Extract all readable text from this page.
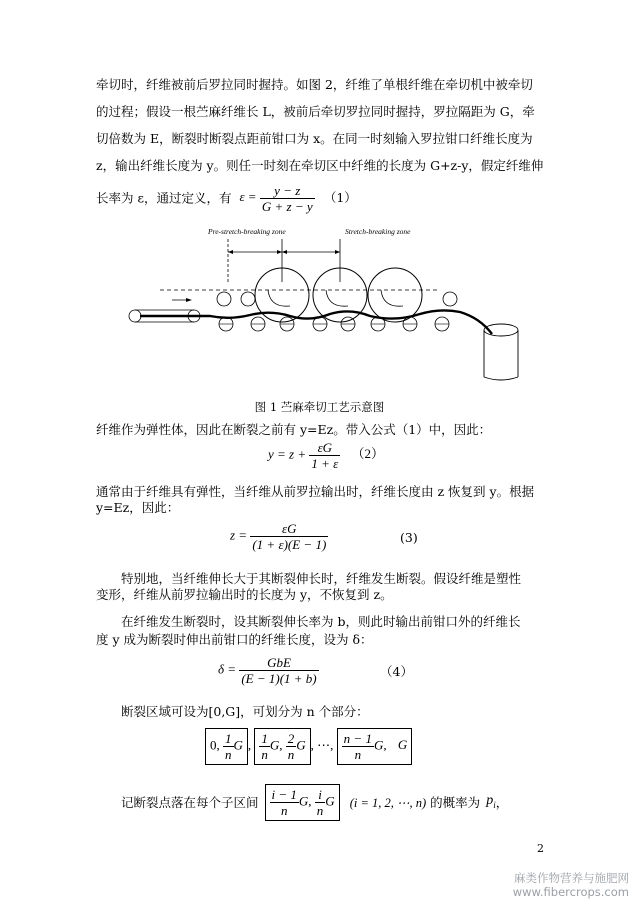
牵切时，纤维被前后罗拉同时握持。如图 2，纤维了单根纤维在牵切机中被牵切
的过程；假设一根苎麻纤维长 L，被前后牵切罗拉同时握持，罗拉隔距为 G，牵
切倍数为 E，断裂时断裂点距前钳口为 x。在同一时刻输入罗拉钳口纤维长度为
z，输出纤维长度为 y。则任一时刻在牵切区中纤维的长度为 G+z-y，假定纤维伸
长率为 ε，通过定义，有 $\varepsilon = \frac{y - z}{G + z - y} (1)$
Pre-stretch-breaking zone	Stretch-breaking zone
图 1 苎麻牵切工艺示意图
纤维作为弹性体，因此在断裂之前有 y=Ez。带入公式（1）中，因此：
$y = z + \frac{\varepsilon G}{1 + \varepsilon} (2)$
通常由于纤维具有弹性，当纤维从前罗拉输出时，纤维长度由 z 恢复到 y。根据
y=Ez，因此：
$z = \frac{\varepsilon G}{(1 + \varepsilon)(E - 1)}$	(3)
特别地，当纤维伸长大于其断裂伸长时，纤维发生断裂。假设纤维是塑性
变形，纤维从前罗拉输出时的长度为 y，不恢复到 z。
在纤维发生断裂时，设其断裂伸长率为 b，则此时输出前钳口外的纤维长
度 y 成为断裂时伸出前钳口的纤维长度，设为 δ：
$\delta = \frac{\text{GbE}}{(E - 1)(1 + b)}$	（4）
断裂区域可设为[0,G]，可划分为 n 个部分：
0, $\frac{1}{n}$ G , $\frac{1}{n} G$, $\frac{2}{n}$ G , ⋯, $\frac{n - 1}{n} G$, G
记断裂点落在每个子区间 $\frac{i - 1}{n} G$, $\frac{i}{n}$ G	(i = 1, 2, ⋯, n) 的概率为 $p_i$ ，
2
麻类作物营养与施肥网
www.fibercrops.com
